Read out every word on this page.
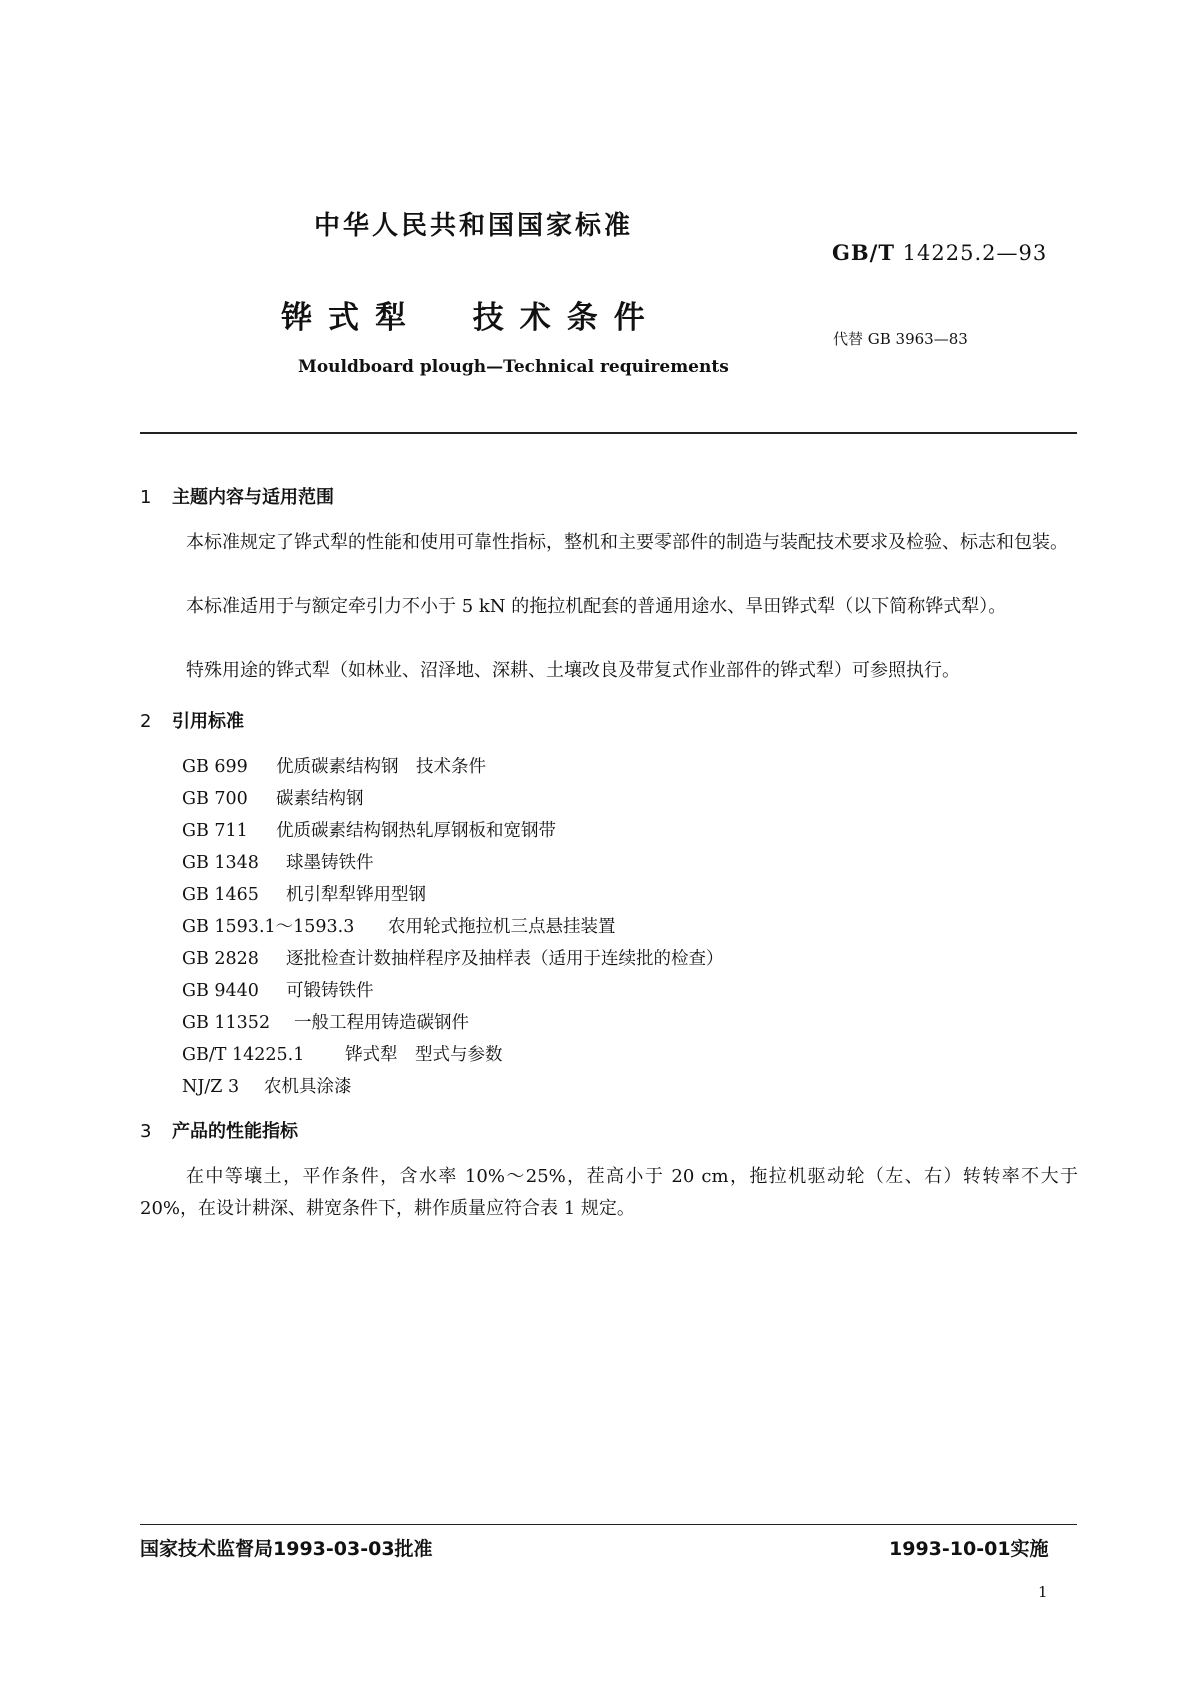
中华人民共和国国家标准
GB/T 14225.2—93
铧式犁 技术条件
代替 GB 3963—83
Mouldboard plough—Technical requirements
1 主题内容与适用范围
本标准规定了铧式犁的性能和使用可靠性指标，整机和主要零部件的制造与装配技术要求及检验、标志和包装。
本标准适用于与额定牵引力不小于 5 kN 的拖拉机配套的普通用途水、旱田铧式犁（以下简称铧式犁）。
特殊用途的铧式犁（如林业、沼泽地、深耕、土壤改良及带复式作业部件的铧式犁）可参照执行。
2 引用标准
GB 699 优质碳素结构钢　技术条件
GB 700 碳素结构钢
GB 711 优质碳素结构钢热轧厚钢板和宽钢带
GB 1348 球墨铸铁件
GB 1465 机引犁犁铧用型钢
GB 1593.1～1593.3 农用轮式拖拉机三点悬挂装置
GB 2828 逐批检查计数抽样程序及抽样表（适用于连续批的检查）
GB 9440 可锻铸铁件
GB 11352 一般工程用铸造碳钢件
GB/T 14225.1 铧式犁　型式与参数
NJ/Z 3 农机具涂漆
3 产品的性能指标
在中等壤土，平作条件，含水率 10%～25%，茬高小于 20 cm，拖拉机驱动轮（左、右）转转率不大于 20%，在设计耕深、耕宽条件下，耕作质量应符合表 1 规定。
国家技术监督局1993-03-03批准	1993-10-01实施
1
